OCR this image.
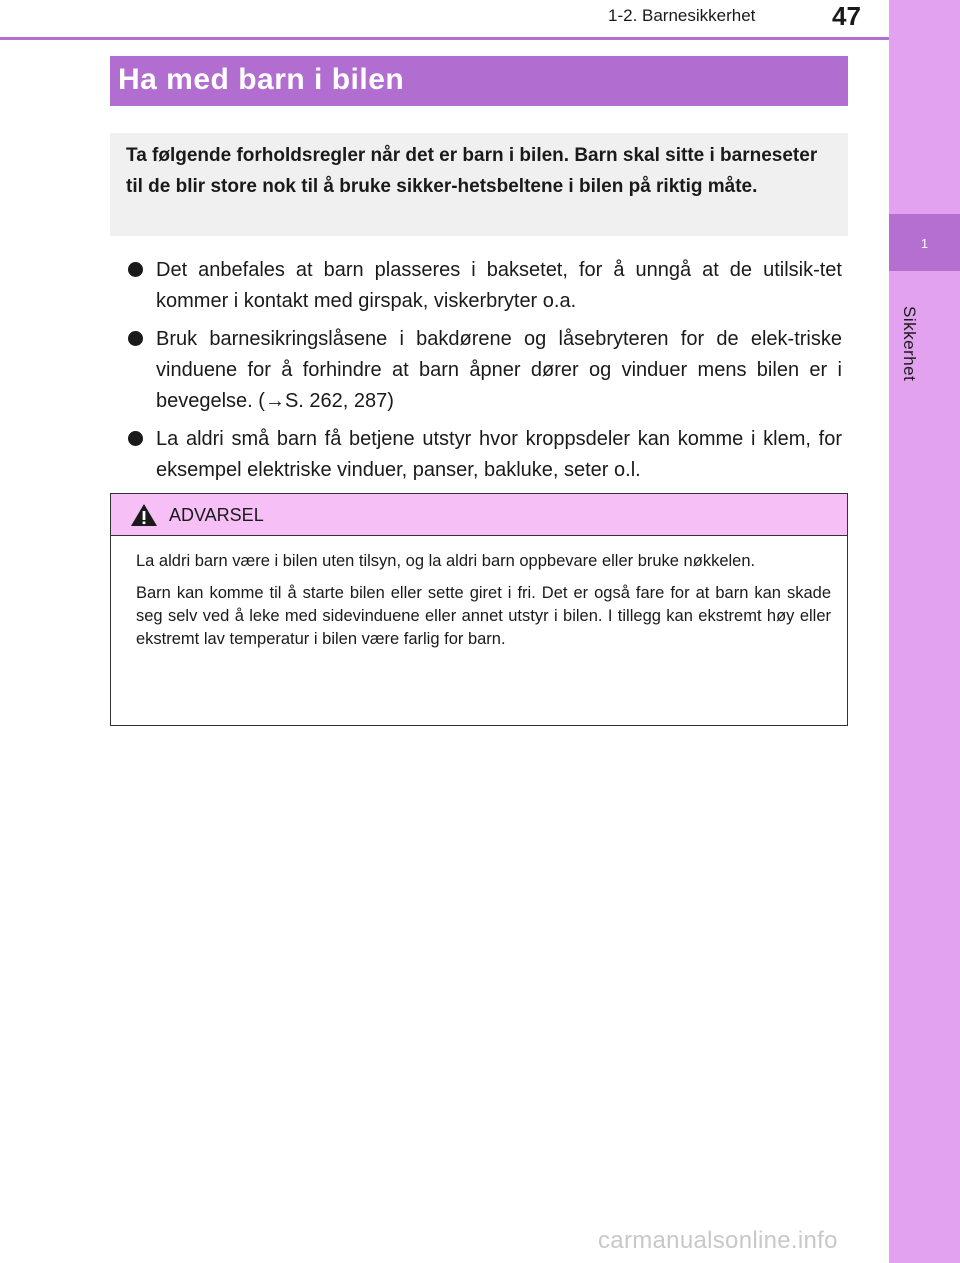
1
Sikkerhet
1-2. Barnesikkerhet	47
Ha med barn i bilen

Ta følgende forholdsregler når det er barn i bilen. Barn skal sitte i barneseter til de blir store nok til å bruke sikker-hetsbeltene i bilen på riktig måte.

Det anbefales at barn plasseres i baksetet, for å unngå at de utilsik-tet kommer i kontakt med girspak, viskerbryter o.a.
Bruk barnesikringslåsene i bakdørene og låsebryteren for de elek-triske vinduene for å forhindre at barn åpner dører og vinduer mens bilen er i bevegelse. (→S. 262, 287)
La aldri små barn få betjene utstyr hvor kroppsdeler kan komme i klem, for eksempel elektriske vinduer, panser, bakluke, seter o.l.
ADVARSEL

La aldri barn være i bilen uten tilsyn, og la aldri barn oppbevare eller bruke nøkkelen.

Barn kan komme til å starte bilen eller sette giret i fri. Det er også fare for at barn kan skade seg selv ved å leke med sidevinduene eller annet utstyr i bilen. I tillegg kan ekstremt høy eller ekstremt lav temperatur i bilen være farlig for barn.

carmanualsonline.info
